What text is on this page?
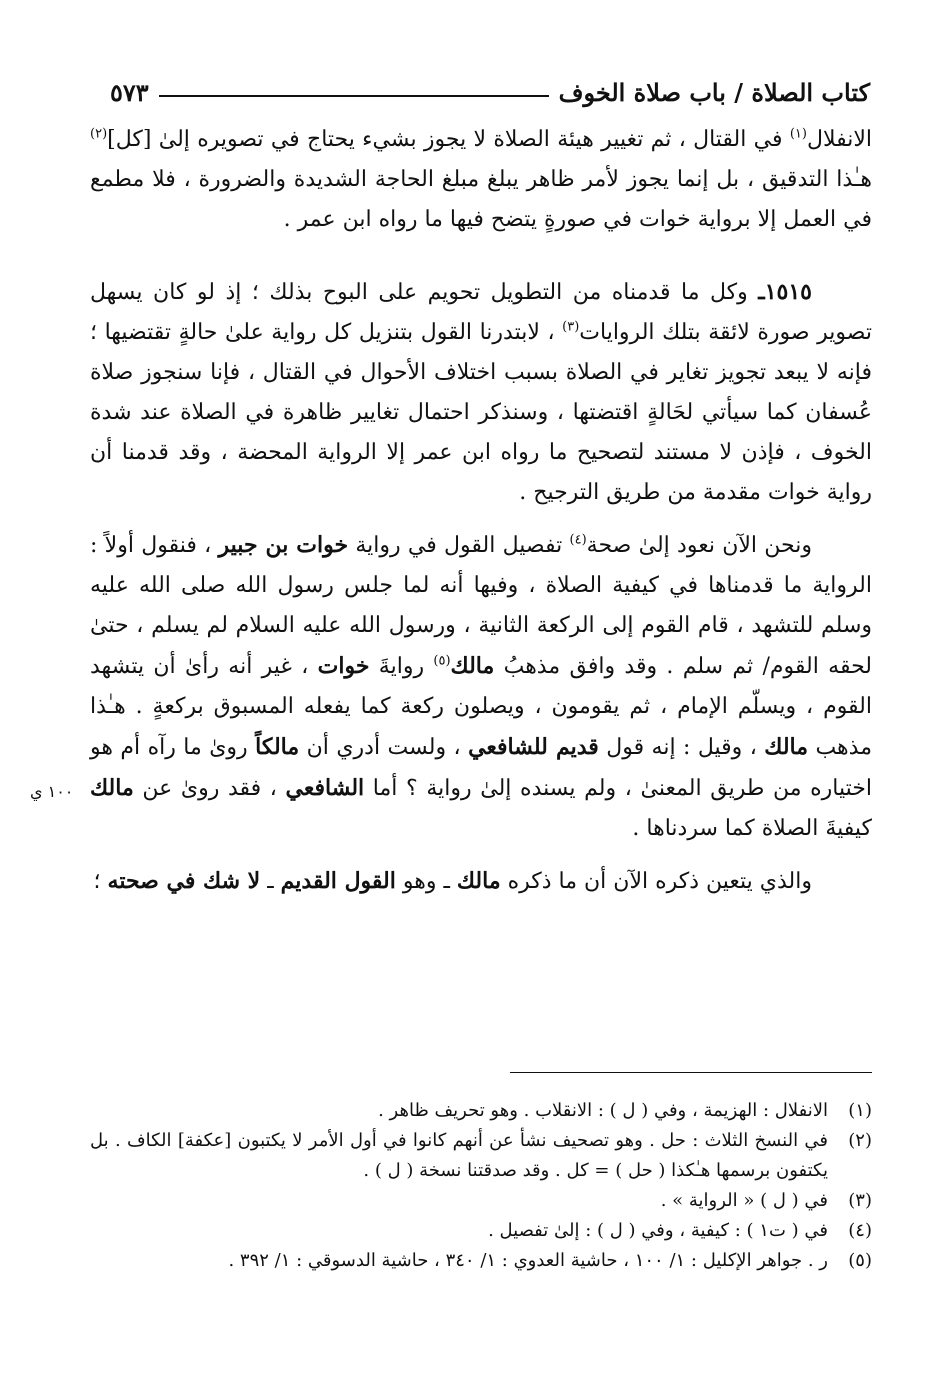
كتاب الصلاة / باب صلاة الخوف
٥٧٣

الانفلال$^{(١)}$ في القتال ، ثم تغيير هيئة الصلاة لا يجوز بشيء يحتاج في تصويره إلىٰ [كل]$^{(٢)}$ هـٰذا التدقيق ، بل إنما يجوز لأمر ظاهر يبلغ مبلغ الحاجة الشديدة والضرورة ، فلا مطمع في العمل إلا برواية خوات في صورةٍ يتضح فيها ما رواه ابن عمر .

١٥١٥ـ وكل ما قدمناه من التطويل تحويم على البوح بذلك ؛ إذ لو كان يسهل تصوير صورة لائقة بتلك الروايات$^{(٣)}$ ، لابتدرنا القول بتنزيل كل رواية علىٰ حالةٍ تقتضيها ؛ فإنه لا يبعد تجويز تغاير في الصلاة بسبب اختلاف الأحوال في القتال ، فإنا سنجوز صلاة عُسفان كما سيأتي لحَالةٍ اقتضتها ، وسنذكر احتمال تغايير ظاهرة في الصلاة عند شدة الخوف ، فإذن لا مستند لتصحيح ما رواه ابن عمر إلا الرواية المحضة ، وقد قدمنا أن رواية خوات مقدمة من طريق الترجيح .

ونحن الآن نعود إلىٰ صحة$^{(٤)}$ تفصيل القول في رواية خوات بن جبير ، فنقول أولاً : الرواية ما قدمناها في كيفية الصلاة ، وفيها أنه لما جلس رسول الله صلى الله عليه وسلم للتشهد ، قام القوم إلى الركعة الثانية ، ورسول الله عليه السلام لم يسلم ، حتىٰ لحقه القوم/ ثم سلم . وقد وافق مذهبُ مالك$^{(٥)}$ روايةَ خوات ، غير أنه رأىٰ أن يتشهد القوم ، ويسلّم الإمام ، ثم يقومون ، ويصلون ركعة كما يفعله المسبوق بركعةٍ . هـٰذا مذهب مالك ، وقيل : إنه قول قديم للشافعي ، ولست أدري أن مالكاً روىٰ ما رآه أم هو اختياره من طريق المعنىٰ ، ولم يسنده إلىٰ رواية ؟ أما الشافعي ، فقد روىٰ عن مالك كيفيةَ الصلاة كما سردناها .

والذي يتعين ذكره الآن أن ما ذكره مالك ـ وهو القول القديم ـ لا شك في صحته ؛

١٠٠ ي
(١)
الانفلال : الهزيمة ، وفي ( ل ) : الانقلاب . وهو تحريف ظاهر .
(٢)
في النسخ الثلاث : حل . وهو تصحيف نشأ عن أنهم كانوا في أول الأمر لا يكتبون [عكفة] الكاف . بل يكتفون برسمها هـٰكذا ( حل ) = كل . وقد صدقتنا نسخة ( ل ) .
(٣)
في ( ل ) « الرواية » .
(٤)
في ( ت١ ) : كيفية ، وفي ( ل ) : إلىٰ تفصيل .
(٥)
ر . جواهر الإكليل : ١/ ١٠٠ ، حاشية العدوي : ١/ ٣٤٠ ، حاشية الدسوقي : ١/ ٣٩٢ .
